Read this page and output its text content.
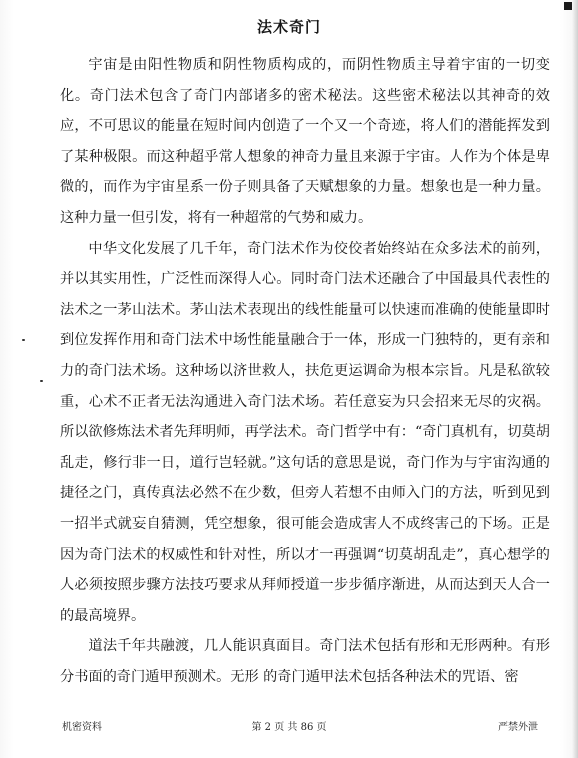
法术奇门

宇宙是由阳性物质和阴性物质构成的，而阴性物质主导着宇宙的一切变化。奇门法术包含了奇门内部诸多的密术秘法。这些密术秘法以其神奇的效应，不可思议的能量在短时间内创造了一个又一个奇迹，将人们的潜能挥发到了某种极限。而这种超乎常人想象的神奇力量且来源于宇宙。人作为个体是卑微的，而作为宇宙星系一份子则具备了天赋想象的力量。想象也是一种力量。这种力量一但引发，将有一种超常的气势和威力。

中华文化发展了几千年，奇门法术作为佼佼者始终站在众多法术的前列，并以其实用性，广泛性而深得人心。同时奇门法术还融合了中国最具代表性的法术之一茅山法术。茅山法术表现出的线性能量可以快速而准确的使能量即时到位发挥作用和奇门法术中场性能量融合于一体，形成一门独特的，更有亲和力的奇门法术场。这种场以济世救人，扶危更运调命为根本宗旨。凡是私欲较重，心术不正者无法沟通进入奇门法术场。若任意妄为只会招来无尽的灾祸。所以欲修炼法术者先拜明师，再学法术。奇门哲学中有：“奇门真机有，切莫胡乱走，修行非一日，道行岂轻就。”这句话的意思是说，奇门作为与宇宙沟通的捷径之门，真传真法必然不在少数，但旁人若想不由师入门的方法，听到见到一招半式就妄自猜测，凭空想象，很可能会造成害人不成终害己的下场。正是因为奇门法术的权威性和针对性，所以才一再强调“切莫胡乱走”，真心想学的人必须按照步骤方法技巧要求从拜师授道一步步循序渐进，从而达到天人合一的最高境界。

道法千年共融渡，几人能识真面目。奇门法术包括有形和无形两种。有形分书面的奇门遁甲预测术。无形 的奇门遁甲法术包括各种法术的咒语、密

机密资料	第 2 页 共 86 页	严禁外泄
